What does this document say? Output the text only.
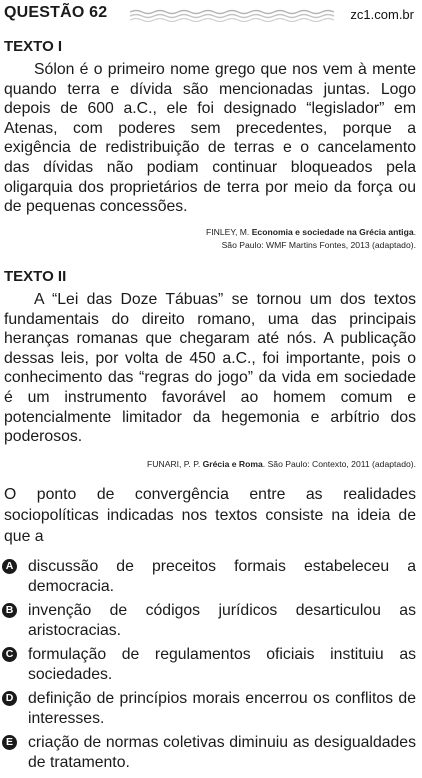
QUESTÃO 62	zc1.com.br
TEXTO I

Sólon é o primeiro nome grego que nos vem à mente quando terra e dívida são mencionadas juntas. Logo depois de 600 a.C., ele foi designado “legislador” em Atenas, com poderes sem precedentes, porque a exigência de redistribuição de terras e o cancelamento das dívidas não podiam continuar bloqueados pela oligarquia dos proprietários de terra por meio da força ou de pequenas concessões.

FINLEY, M. Economia e sociedade na Grécia antiga.
São Paulo: WMF Martins Fontes, 2013 (adaptado).
TEXTO II

A “Lei das Doze Tábuas” se tornou um dos textos fundamentais do direito romano, uma das principais heranças romanas que chegaram até nós. A publicação dessas leis, por volta de 450 a.C., foi importante, pois o conhecimento das “regras do jogo” da vida em sociedade é um instrumento favorável ao homem comum e potencialmente limitador da hegemonia e arbítrio dos poderosos.

FUNARI, P. P. Grécia e Roma. São Paulo: Contexto, 2011 (adaptado).

O ponto de convergência entre as realidades sociopolíticas indicadas nos textos consiste na ideia de que a

A discussão de preceitos formais estabeleceu a democracia.

B invenção de códigos jurídicos desarticulou as aristocracias.

C formulação de regulamentos oficiais instituiu as sociedades.

D definição de princípios morais encerrou os conflitos de interesses.

E criação de normas coletivas diminuiu as desigualdades de tratamento.
